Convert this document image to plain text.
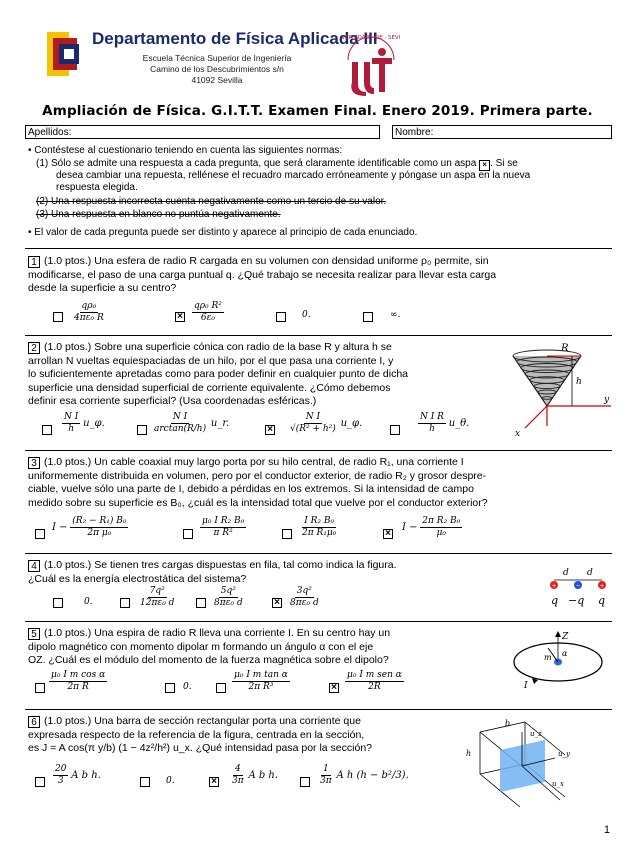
Departamento de Física Aplicada III
Escuela Técnica Superior de Ingeniería
Camino de los Descubrimientos s/n
41092 Sevilla
VERSIDAD · DE · SEV
Ampliación de Física. G.I.T.T. Examen Final. Enero 2019. Primera parte.
Apellidos:	Nombre:
• Contéstese al cuestionario teniendo en cuenta las siguientes normas:
(1) Sólo se admite una respuesta a cada pregunta, que será claramente identificable como un aspa × . Si se
desea cambiar una repuesta, rellénese el recuadro marcado erróneamente y póngase un aspa en la nueva
respuesta elegida.
(2) Una respuesta incorrecta cuenta negativamente como un tercio de su valor.
(3) Una respuesta en blanco no puntúa negativamente.
• El valor de cada pregunta puede ser distinto y aparece al principio de cada enunciado.
1 (1.0 ptos.) Una esfera de radio R cargada en su volumen con densidad uniforme ρ₀ permite, sin
modificarse, el paso de una carga puntual q. ¿Qué trabajo se necesita realizar para llevar esta carga
desde la superficie a su centro?
$\frac{\text{qρ₀}}{\text{4πε₀ R}}$	× $\frac{\text{qρ₀ R²}}{\text{6ε₀}}$	0.	∞.
2 (1.0 ptos.) Sobre una superficie cónica con radio de la base R y altura h se
arrollan N vueltas equiespaciadas de un hilo, por el que pasa una corriente I, y
lo suficientemente apretadas como para poder definir en cualquier punto de dicha
superficie una densidad superficial de corriente equivalente. ¿Cómo debemos
definir esa corriente superficial? (Usa coordenadas esféricas.)
R
h
y
x
$\frac{\text{N I}}{h}$ u_φ.	$\frac{\text{N I}}{\arctan(R/h)}$ u_r.
× $\frac{\text{N I}}{\text{√(R² + h²)}}$ u_φ.	$\frac{\text{N I R}}{h}$ u_θ.
3 (1.0 ptos.) Un cable coaxial muy largo porta por su hilo central, de radio R₁, una corriente I
uniformemente distribuida en volumen, pero por el conductor exterior, de radio R₂ y grosor despre-
ciable, vuelve sólo una parte de I, debido a pérdidas en los extremos. Si la intensidad de campo
medido sobre su superficie es B₀, ¿cuál es la intensidad total que vuelve por el conductor exterior?
$I - \frac{\text{(R₂ − R₁) B₀}}{\text{2π μ₀}}$	$\frac{\text{μ₀ I R₂ B₀}}{\text{π R²}}$	$\frac{\text{I R₂ B₀}}{\text{2π R₁μ₀}}$	×
$I - \frac{\text{2π R₂ B₀}}{\text{μ₀}}$
4 (1.0 ptos.) Se tienen tres cargas dispuestas en fila, tal como indica la figura.
¿Cuál es la energía electrostática del sistema?	d d
+	−	+
q −q q
0.	$\frac{\text{7q²}}{\text{12πε₀ d}}$	$\frac{\text{5q²}}{\text{8πε₀ d}}$	× $\frac{\text{3q²}}{\text{8πε₀ d}}$
5 (1.0 ptos.) Una espira de radio R lleva una corriente I. En su centro hay un
dipolo magnético con momento dipolar m formando un ángulo α con el eje
OZ. ¿Cuál es el módulo del momento de la fuerza magnética sobre el dipolo?
Z
m α
I
$\frac{\text{μ₀ I m cos α}}{\text{2π R}}$	0.	$\frac{\text{μ₀ I m tan α}}{\text{2π R³}}$	× $\frac{\text{μ₀ I m sen α}}{2R}$
6 (1.0 ptos.) Una barra de sección rectangular porta una corriente que
expresada respecto de la referencia de la figura, centrada en la sección,
es J = A cos(π y/b) (1 − 4z²/h²) u_x. ¿Qué intensidad pasa por la sección?
b
h
u_z
u_y
u_x
$\frac{20}{3}$ A b h.	0.	× $\frac{4}{3\pi}$ A b h.	$\frac{1}{3\pi}$ A h (h − b²/3).
1
